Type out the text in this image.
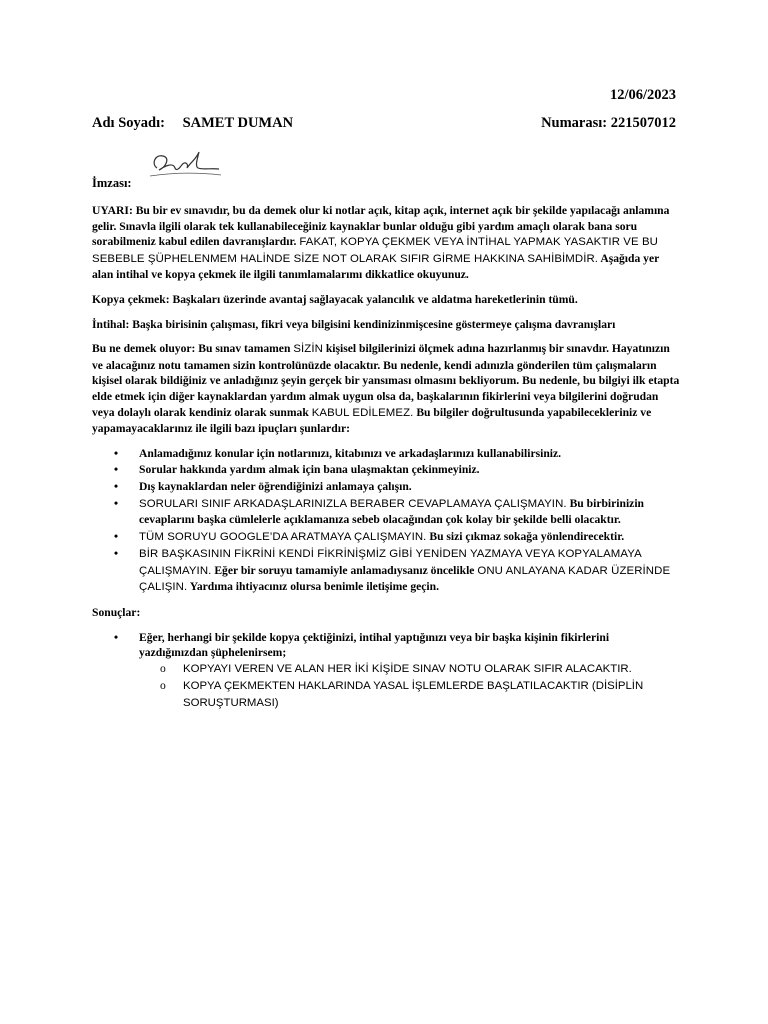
12/06/2023
Adı Soyadı: SAMET DUMAN	Numarası: 221507012
İmzası:

UYARI: Bu bir ev sınavıdır, bu da demek olur ki notlar açık, kitap açık, internet açık bir şekilde yapılacağı anlamına gelir. Sınavla ilgili olarak tek kullanabileceğiniz kaynaklar bunlar olduğu gibi yardım amaçlı olarak bana soru sorabilmeniz kabul edilen davranışlardır. FAKAT, KOPYA ÇEKMEK VEYA İNTİHAL YAPMAK YASAKTIR VE BU SEBEBLE ŞÜPHELENMEM HALİNDE SİZE NOT OLARAK SIFIR GİRME HAKKINA SAHİBİMDİR. Aşağıda yer alan intihal ve kopya çekmek ile ilgili tanımlamalarımı dikkatlice okuyunuz.

Kopya çekmek: Başkaları üzerinde avantaj sağlayacak yalancılık ve aldatma hareketlerinin tümü.

İntihal: Başka birisinin çalışması, fikri veya bilgisini kendinizinmişcesine göstermeye çalışma davranışları

Bu ne demek oluyor: Bu sınav tamamen SİZİN kişisel bilgilerinizi ölçmek adına hazırlanmış bir sınavdır. Hayatınızın ve alacağınız notu tamamen sizin kontrolünüzde olacaktır. Bu nedenle, kendi adınızla gönderilen tüm çalışmaların kişisel olarak bildiğiniz ve anladığınız şeyin gerçek bir yansıması olmasını bekliyorum. Bu nedenle, bu bilgiyi ilk etapta elde etmek için diğer kaynaklardan yardım almak uygun olsa da, başkalarının fikirlerini veya bilgilerini doğrudan veya dolaylı olarak kendiniz olarak sunmak KABUL EDİLEMEZ. Bu bilgiler doğrultusunda yapabilecekleriniz ve yapamayacaklarınız ile ilgili bazı ipuçları şunlardır:

• Anlamadığınız konular için notlarınızı, kitabınızı ve arkadaşlarınızı kullanabilirsiniz.
• Sorular hakkında yardım almak için bana ulaşmaktan çekinmeyiniz.
• Dış kaynaklardan neler öğrendiğinizi anlamaya çalışın.
• SORULARI SINIF ARKADAŞLARINIZLA BERABER CEVAPLAMAYA ÇALIŞMAYIN. Bu birbirinizin cevaplarını başka cümlelerle açıklamanıza sebeb olacağından çok kolay bir şekilde belli olacaktır.
• TÜM SORUYU GOOGLE’DA ARATMAYA ÇALIŞMAYIN. Bu sizi çıkmaz sokağa yönlendirecektir.
• BİR BAŞKASININ FİKRİNİ KENDİ FİKRİNİŞMİZ GİBİ YENİDEN YAZMAYA VEYA KOPYALAMAYA ÇALIŞMAYIN. Eğer bir soruyu tamamiyle anlamadıysanız öncelikle ONU ANLAYANA KADAR ÜZERİNDE ÇALIŞIN. Yardıma ihtiyacınız olursa benimle iletişime geçin.

Sonuçlar:

• Eğer, herhangi bir şekilde kopya çektiğinizi, intihal yaptığınızı veya bir başka kişinin fikirlerini yazdığınızdan şüphelenirsem;
o KOPYAYI VEREN VE ALAN HER İKİ KİŞİDE SINAV NOTU OLARAK SIFIR ALACAKTIR.
o KOPYA ÇEKMEKTEN HAKLARINDA YASAL İŞLEMLERDE BAŞLATILACAKTIR (DİSİPLİN SORUŞTURMASI)
